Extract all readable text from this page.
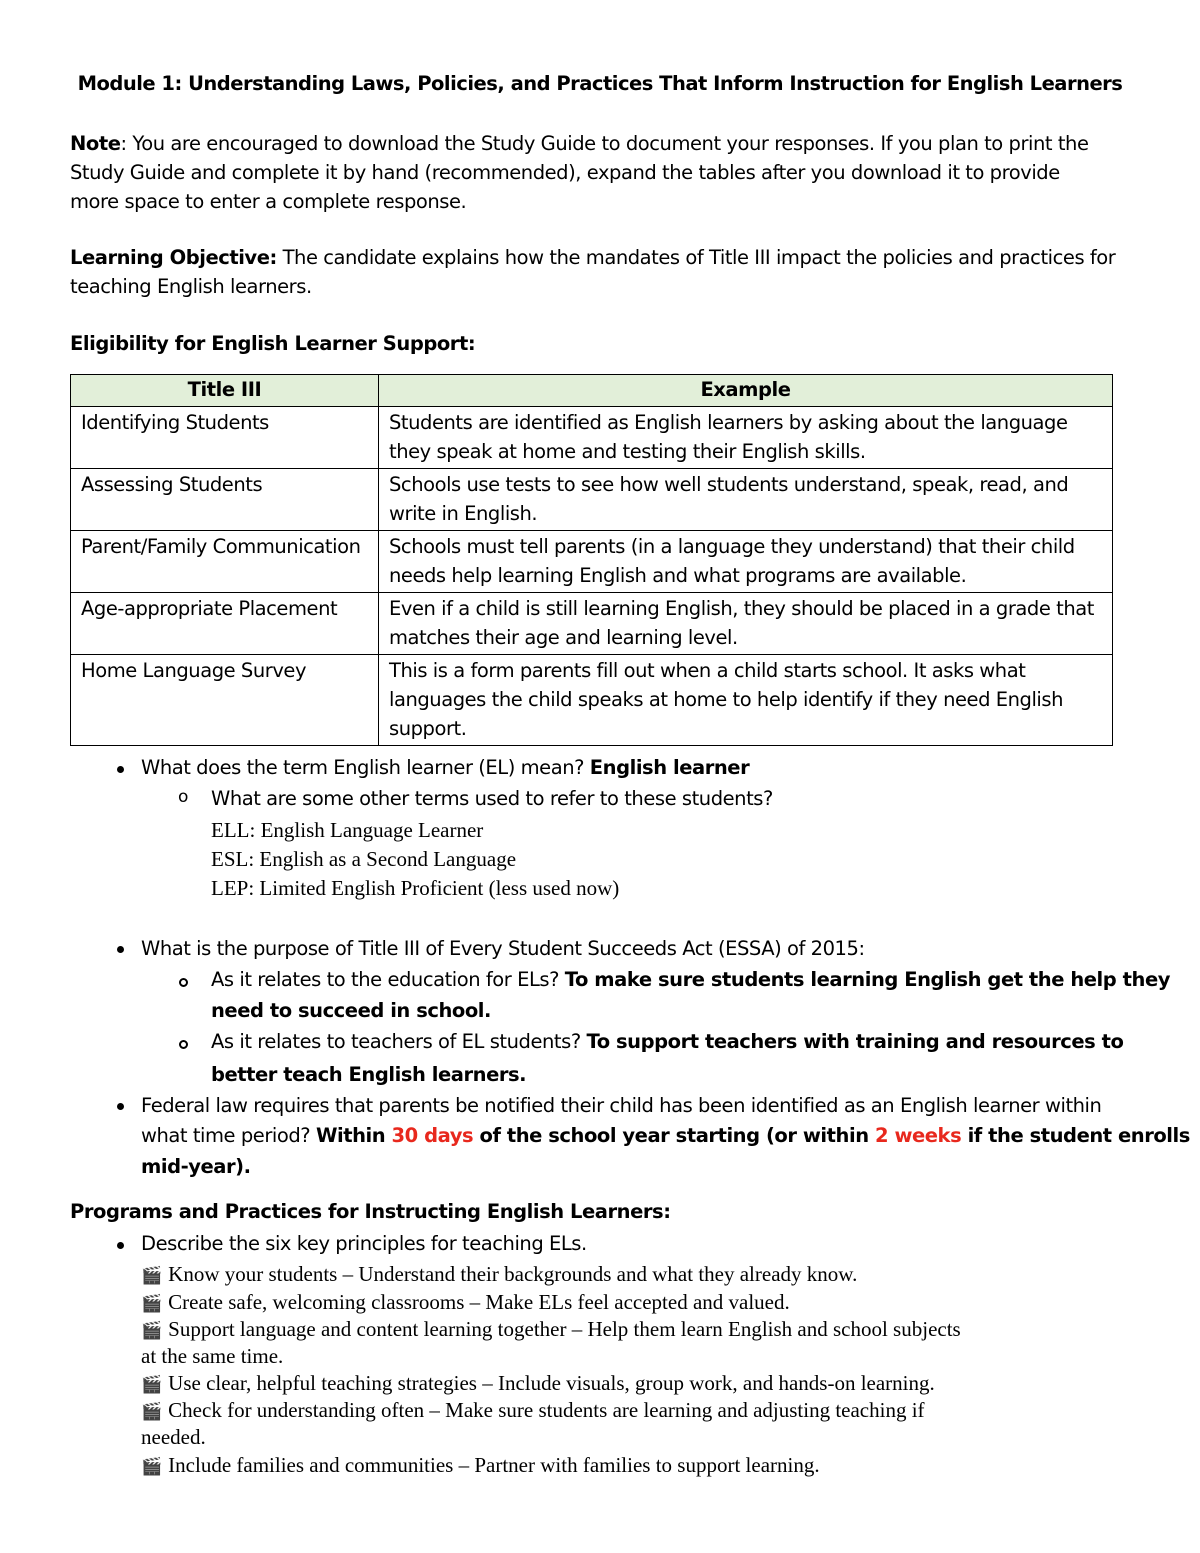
Module 1: Understanding Laws, Policies, and Practices That Inform Instruction for English Learners
Note: You are encouraged to download the Study Guide to document your responses. If you plan to print the
Study Guide and complete it by hand (recommended), expand the tables after you download it to provide
more space to enter a complete response.
Learning Objective: The candidate explains how the mandates of Title III impact the policies and practices for
teaching English learners.
Eligibility for English Learner Support:
Title III	Example
Identifying Students	Students are identified as English learners by asking about the language they speak at home and testing their English skills.
Assessing Students	Schools use tests to see how well students understand, speak, read, and write in English.
Parent/Family Communication	Schools must tell parents (in a language they understand) that their child needs help learning English and what programs are available.
Age-appropriate Placement	Even if a child is still learning English, they should be placed in a grade that matches their age and learning level.
Home Language Survey	This is a form parents fill out when a child starts school. It asks what languages the child speaks at home to help identify if they need English support.
What does the term English learner (EL) mean? English learner
o What are some other terms used to refer to these students?
ELL: English Language Learner
ESL: English as a Second Language
LEP: Limited English Proficient (less used now)
What is the purpose of Title III of Every Student Succeeds Act (ESSA) of 2015:
As it relates to the education for ELs? To make sure students learning English get the help they
need to succeed in school.
As it relates to teachers of EL students? To support teachers with training and resources to
better teach English learners.
Federal law requires that parents be notified their child has been identified as an English learner within
what time period? Within 30 days of the school year starting (or within 2 weeks if the student enrolls
mid-year).
Programs and Practices for Instructing English Learners:
Describe the six key principles for teaching ELs.
🎬 Know your students – Understand their backgrounds and what they already know.
🎬 Create safe, welcoming classrooms – Make ELs feel accepted and valued.
🎬 Support language and content learning together – Help them learn English and school subjects
at the same time.
🎬 Use clear, helpful teaching strategies – Include visuals, group work, and hands-on learning.
🎬 Check for understanding often – Make sure students are learning and adjusting teaching if
needed.
🎬 Include families and communities – Partner with families to support learning.
